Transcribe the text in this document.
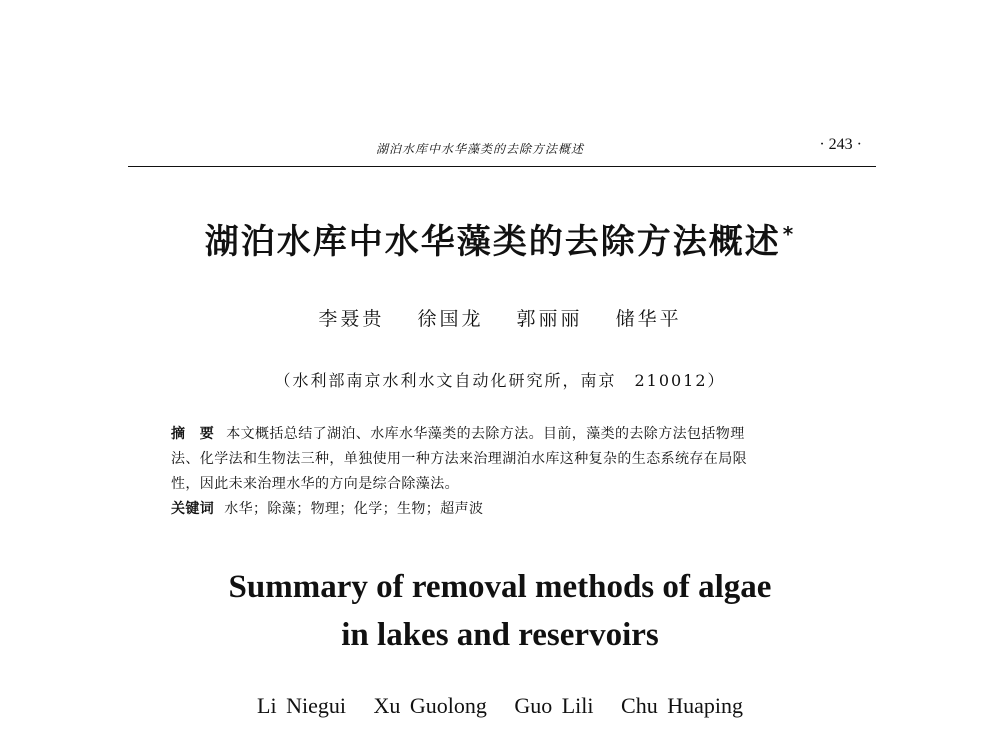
湖泊水库中水华藻类的去除方法概述	· 243 ·
湖泊水库中水华藻类的去除方法概述 *
李聂贵 徐国龙 郭丽丽 储华平
（水利部南京水利水文自动化研究所，南京　210012）
摘　要 本文概括总结了湖泊、水库水华藻类的去除方法。目前，藻类的去除方法包括物理
法、化学法和生物法三种，单独使用一种方法来治理湖泊水库这种复杂的生态系统存在局限
性，因此未来治理水华的方向是综合除藻法。
关键词 水华；除藻；物理；化学；生物；超声波
Summary of removal methods of algae
in lakes and reservoirs
Li Niegui Xu Guolong Guo Lili Chu Huaping
